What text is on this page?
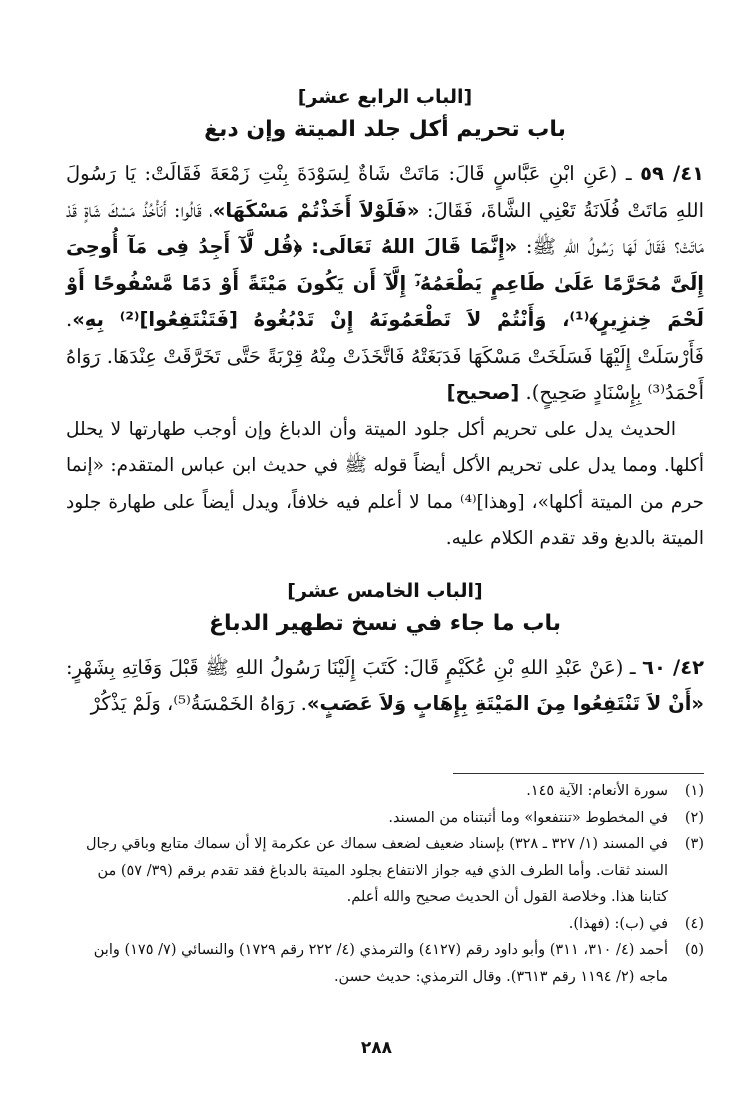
[الباب الرابع عشر]

باب تحريم أكل جلد الميتة وإن دبغ

٤١/ ٥٩ ـ (عَنِ ابْنِ عَبَّاسٍ قَالَ: مَاتَتْ شَاةٌ لِسَوْدَةَ بِنْتِ زَمْعَةَ فَقَالَتْ: يَا رَسُولَ اللهِ مَاتَتْ فُلَانَةُ تَعْنِي الشَّاةَ، فَقَالَ: «فَلَوْلاَ أَخَذْتُمْ مَسْكَهَا»، قَالُوا: أَنَأْخُذُ مَسْكَ شَاةٍ قَدْ مَاتَتْ؟ فَقَالَ لَهَا رَسُولُ اللهِ ﷺ: «إِنَّمَا قَالَ اللهُ تَعَالَى: ﴿قُل لَّآ أَجِدُ فِى مَآ أُوحِىَ إِلَىَّ مُحَرَّمًا عَلَىٰ طَاعِمٍ يَطْعَمُهُۥٓ إِلَّآ أَن يَكُونَ مَيْتَةً أَوْ دَمًا مَّسْفُوحًا أَوْ لَحْمَ خِنزِيرٍ﴾⁽¹⁾، وَأَنْتُمْ لاَ تَطْعَمُونَهُ إِنْ تَدْبُغُوهُ [فَتَنْتَفِعُوا]⁽²⁾ بِهِ». فَأَرْسَلَتْ إِلَيْهَا فَسَلَخَتْ مَسْكَهَا فَدَبَغَتْهُ فَاتَّخَذَتْ مِنْهُ قِرْبَةً حَتَّى تَخَرَّقَتْ عِنْدَهَا. رَوَاهُ أَحْمَدُ⁽³⁾ بِإِسْنَادٍ صَحِيحٍ). [صحيح]

الحديث يدل على تحريم أكل جلود الميتة وأن الدباغ وإن أوجب طهارتها لا يحلل أكلها. ومما يدل على تحريم الأكل أيضاً قوله ﷺ في حديث ابن عباس المتقدم: «إنما حرم من الميتة أكلها»، [وهذا]⁽⁴⁾ مما لا أعلم فيه خلافاً، ويدل أيضاً على طهارة جلود الميتة بالدبغ وقد تقدم الكلام عليه.

[الباب الخامس عشر]

باب ما جاء في نسخ تطهير الدباغ

٤٢/ ٦٠ ـ (عَنْ عَبْدِ اللهِ بْنِ عُكَيْمٍ قَالَ: كَتَبَ إِلَيْنَا رَسُولُ اللهِ ﷺ قَبْلَ وَفَاتِهِ بِشَهْرٍ: «أَنْ لاَ تَنْتَفِعُوا مِنَ المَيْتَةِ بِإِهَابٍ وَلاَ عَصَبٍ». رَوَاهُ الخَمْسَةُ⁽⁵⁾، وَلَمْ يَذْكُرْ

(١)
سورة الأنعام: الآية ١٤٥.
(٢)
في المخطوط «تنتفعوا» وما أثبتناه من المسند.
(٣)
في المسند (١/ ٣٢٧ ـ ٣٢٨) بإسناد ضعيف لضعف سماك عن عكرمة إلا أن سماك متابع وباقي رجال السند ثقات. وأما الطرف الذي فيه جواز الانتفاع بجلود الميتة بالدباغ فقد تقدم برقم (٣٩/ ٥٧) من كتابنا هذا. وخلاصة القول أن الحديث صحيح والله أعلم.
(٤)
في (ب): (فهذا).
(٥)
أحمد (٤/ ٣١٠، ٣١١) وأبو داود رقم (٤١٢٧) والترمذي (٤/ ٢٢٢ رقم ١٧٢٩) والنسائي (٧/ ١٧٥) وابن ماجه (٢/ ١١٩٤ رقم ٣٦١٣). وقال الترمذي: حديث حسن.
٢٨٨
